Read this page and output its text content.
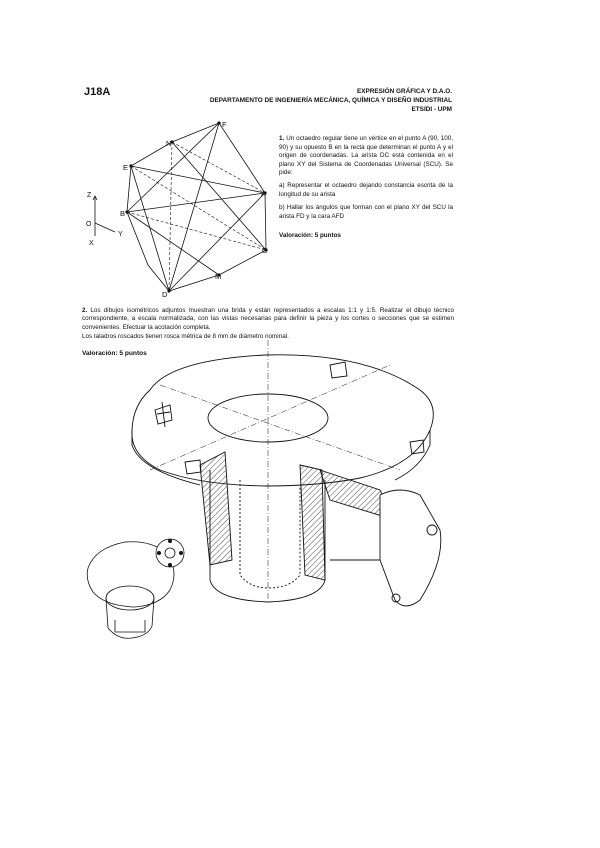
J18A	EXPRESIÓN GRÁFICA Y D.A.O.
DEPARTAMENTO DE INGENIERÍA MECÁNICA, QUÍMICA Y DISEÑO INDUSTRIAL
ETSIDI - UPM
1. Un octaedro regular tiene un vértice en el punto A (90, 100, 90) y su opuesto B en la recta que determinan el punto A y el origen de coordenadas. La arista DC está contenida en el plano XY del Sistema de Coordenadas Universal (SCU). Se pide:
a) Representar el octaedro dejando constancia escrita de la longitud de su arista
b) Hallar los ángulos que forman con el plano XY del SCU la arista FD y la cara AFD
Valoración: 5 puntos
2. Los dibujos isométricos adjuntos muestran una brida y están representados a escalas 1:1 y 1:5. Realizar el dibujo técnico correspondiente, a escala normalizada, con las vistas necesarias para definir la pieza y los cortes o secciones que se estimen convenientes. Efectuar la acotación completa.
Los taladros roscados tienen rosca métrica de 8 mm de diámetro nominal.
Valoración: 5 puntos
F
N
E
A
B
C
M
D
Z
Y
X
O
